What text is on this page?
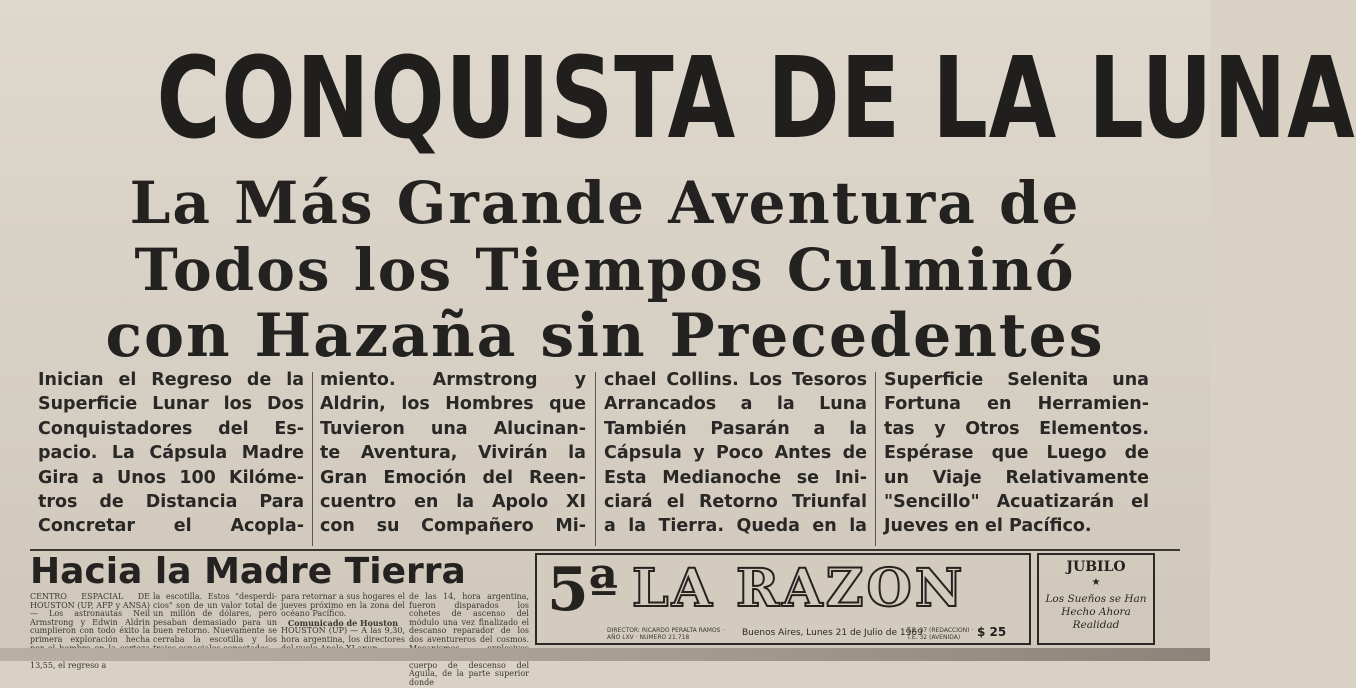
CONQUISTA DE LA LUNA
La Más Grande Aventura de
Todos los Tiempos Culminó
con Hazaña sin Precedentes

Inician el Regreso de la

Superficie Lunar los Dos

Conquistadores del Es-

pacio. La Cápsula Madre

Gira a Unos 100 Kilóme-

tros de Distancia Para

Concretar el Acopla-

miento. Armstrong y

Aldrin, los Hombres que

Tuvieron una Alucinan-

te Aventura, Vivirán la

Gran Emoción del Reen-

cuentro en la Apolo XI

con su Compañero Mi-

chael Collins. Los Tesoros

Arrancados a la Luna

También Pasarán a la

Cápsula y Poco Antes de

Esta Medianoche se Ini-

ciará el Retorno Triunfal

a la Tierra. Queda en la

Superficie Selenita una

Fortuna en Herramien-

tas y Otros Elementos.

Espérase que Luego de

un Viaje Relativamente

"Sencillo" Acuatizarán el

Jueves en el Pacífico.

Hacia la Madre Tierra

CENTRO ESPACIAL DE HOUSTON (UP, AFP y ANSA) — Los astronautas Neil Armstrong y Edwin Aldrin cumplieron con todo éxito la primera exploración hecha 13,55, el regreso a

la escotilla. Estos "desperdi-cios" son de un valor total de un millón de dólares, pero pesaban demasiado para un buen retorno. Nuevamente se cerraba la escotilla y los

para retornar a sus hogares el jueves próximo en la zona del océano Pacífico.

Comunicado de Houston

HOUSTON (UP) — A las 9,30, hora argentina, los directores

de las 14, hora argentina, fueron disparados los cohetes de ascenso del módulo una vez finalizado el descanso reparador de los dos aventureros del cosmos. cuerpo de descenso del Águila, de la parte superior donde

5ª LA RAZON
DIRECTOR: RICARDO PERALTA RAMOS · AÑO LXV · NUMERO 21.718	Buenos Aires, Lunes 21 de Julio de 1969
T.E. 37 (REDACCION) · T.E. 32 (AVENIDA)	$ 25
JUBILO
★
Los Sueños se Han Hecho Ahora Realidad
